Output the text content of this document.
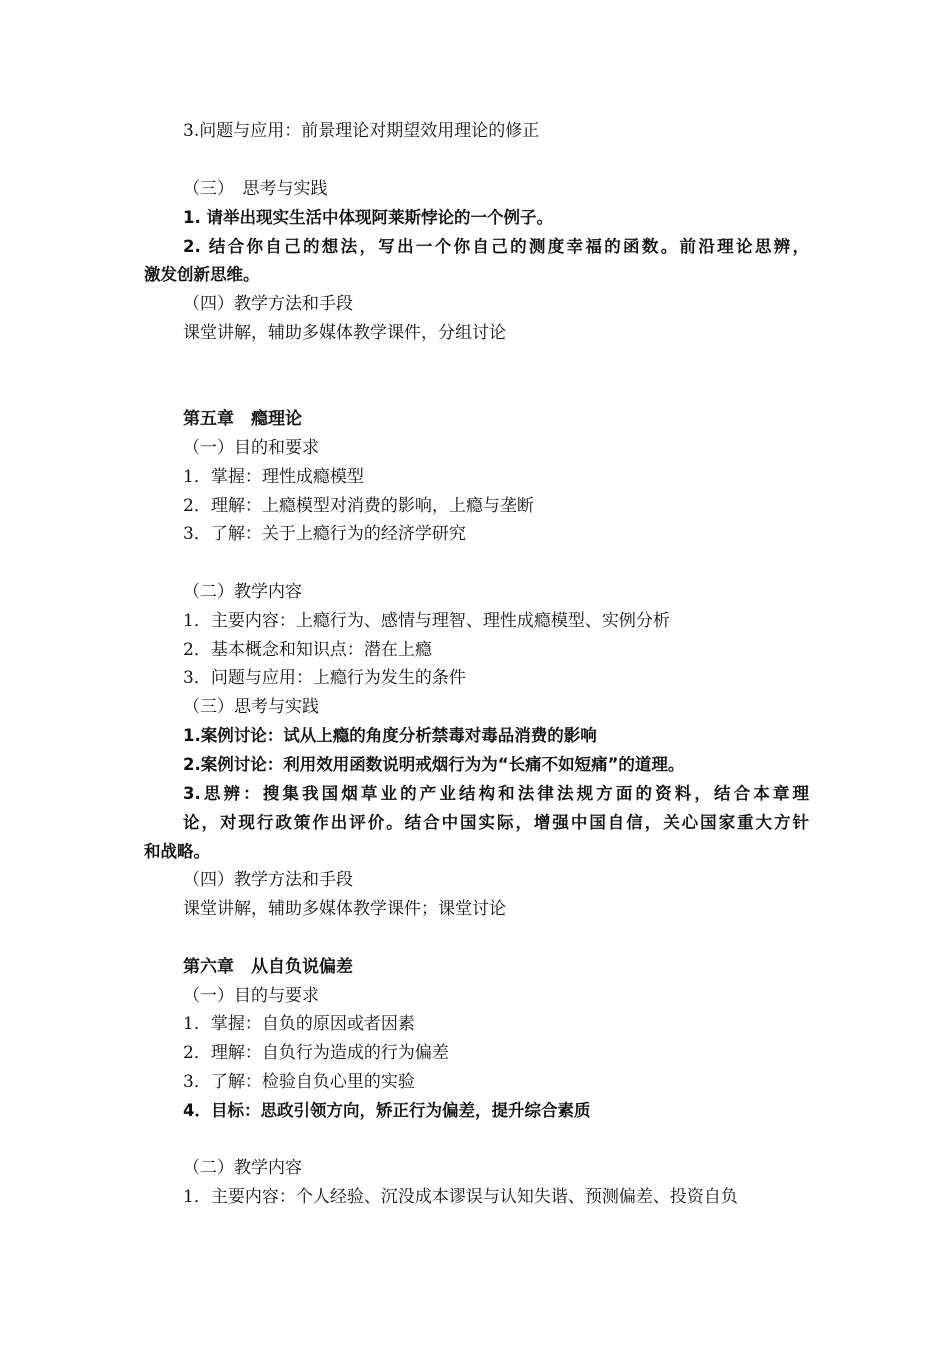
3.问题与应用：前景理论对期望效用理论的修正
（三）　思考与实践
1. 请举出现实生活中体现阿莱斯悖论的一个例子。
2. 结合你自己的想法，写出一个你自己的测度幸福的函数。前沿理论思辨，
激发创新思维。
（四）教学方法和手段
课堂讲解，辅助多媒体教学课件，分组讨论
第五章　瘾理论
（一）目的和要求
1．掌握：理性成瘾模型
2．理解：上瘾模型对消费的影响，上瘾与垄断
3．了解：关于上瘾行为的经济学研究
（二）教学内容
1．主要内容：上瘾行为、感情与理智、理性成瘾模型、实例分析
2．基本概念和知识点：潜在上瘾
3．问题与应用：上瘾行为发生的条件
（三）思考与实践
1.案例讨论：试从上瘾的角度分析禁毒对毒品消费的影响
2.案例讨论：利用效用函数说明戒烟行为为“长痛不如短痛”的道理。
3.思辨：搜集我国烟草业的产业结构和法律法规方面的资料，结合本章理
论，对现行政策作出评价。结合中国实际，增强中国自信，关心国家重大方针
和战略。
（四）教学方法和手段
课堂讲解，辅助多媒体教学课件；课堂讨论
第六章　从自负说偏差
（一）目的与要求
1．掌握：自负的原因或者因素
2．理解：自负行为造成的行为偏差
3．了解：检验自负心里的实验
4．目标：思政引领方向，矫正行为偏差，提升综合素质
（二）教学内容
1．主要内容：个人经验、沉没成本谬误与认知失谐、预测偏差、投资自负
